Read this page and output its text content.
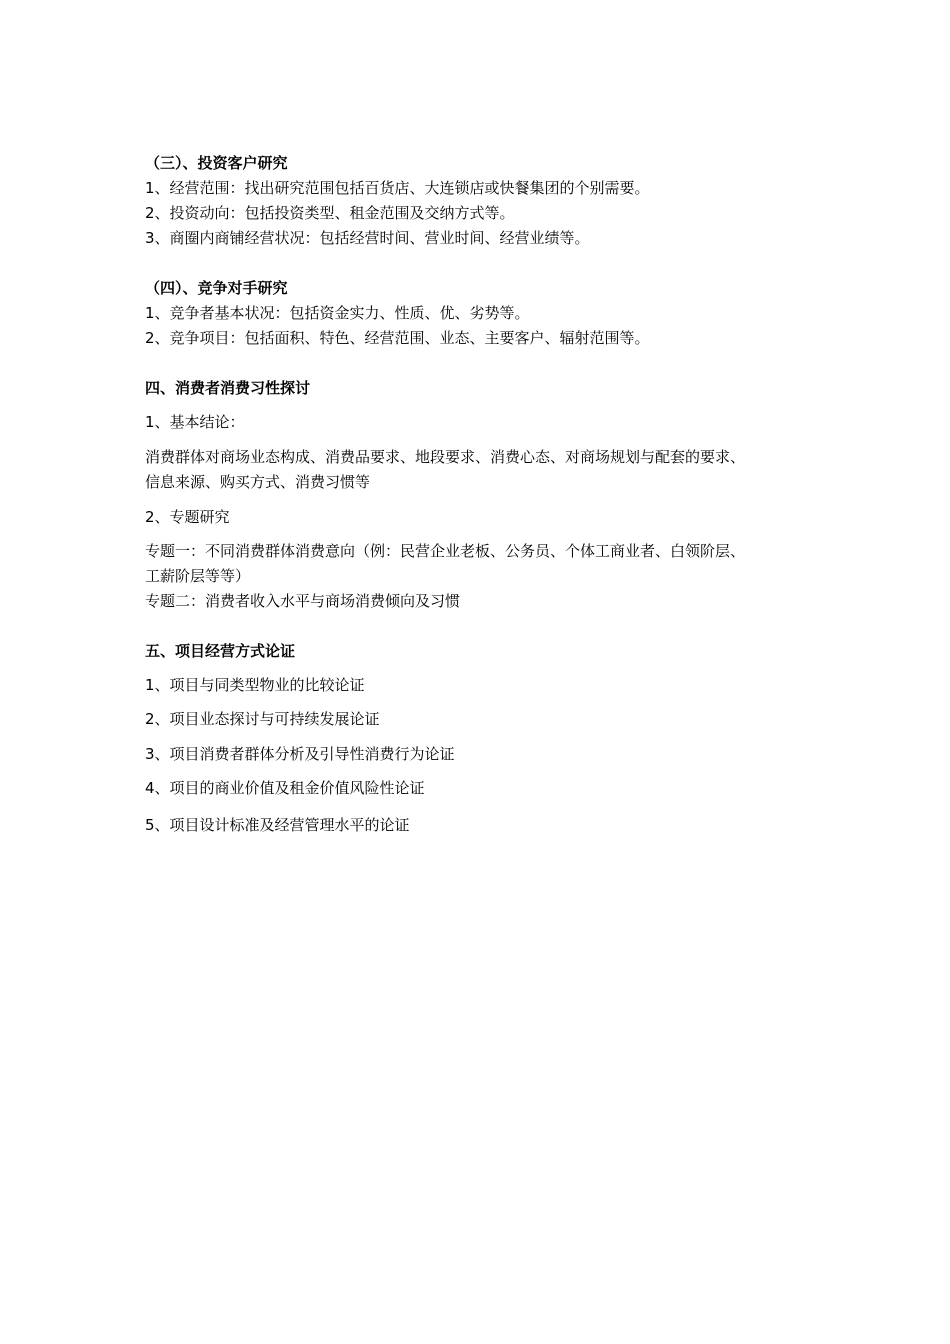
（三）、投资客户研究
1、经营范围：找出研究范围包括百货店、大连锁店或快餐集团的个别需要。
2、投资动向：包括投资类型、租金范围及交纳方式等。
3、商圈内商铺经营状况：包括经营时间、营业时间、经营业绩等。
（四）、竞争对手研究
1、竞争者基本状况：包括资金实力、性质、优、劣势等。
2、竞争项目：包括面积、特色、经营范围、业态、主要客户、辐射范围等。
四、消费者消费习性探讨
1、基本结论：
消费群体对商场业态构成、消费品要求、地段要求、消费心态、对商场规划与配套的要求、
信息来源、购买方式、消费习惯等
2、专题研究
专题一：不同消费群体消费意向（例：民营企业老板、公务员、个体工商业者、白领阶层、
工薪阶层等等）
专题二：消费者收入水平与商场消费倾向及习惯
五、项目经营方式论证
1、项目与同类型物业的比较论证
2、项目业态探讨与可持续发展论证
3、项目消费者群体分析及引导性消费行为论证
4、项目的商业价值及租金价值风险性论证
5、项目设计标准及经营管理水平的论证
